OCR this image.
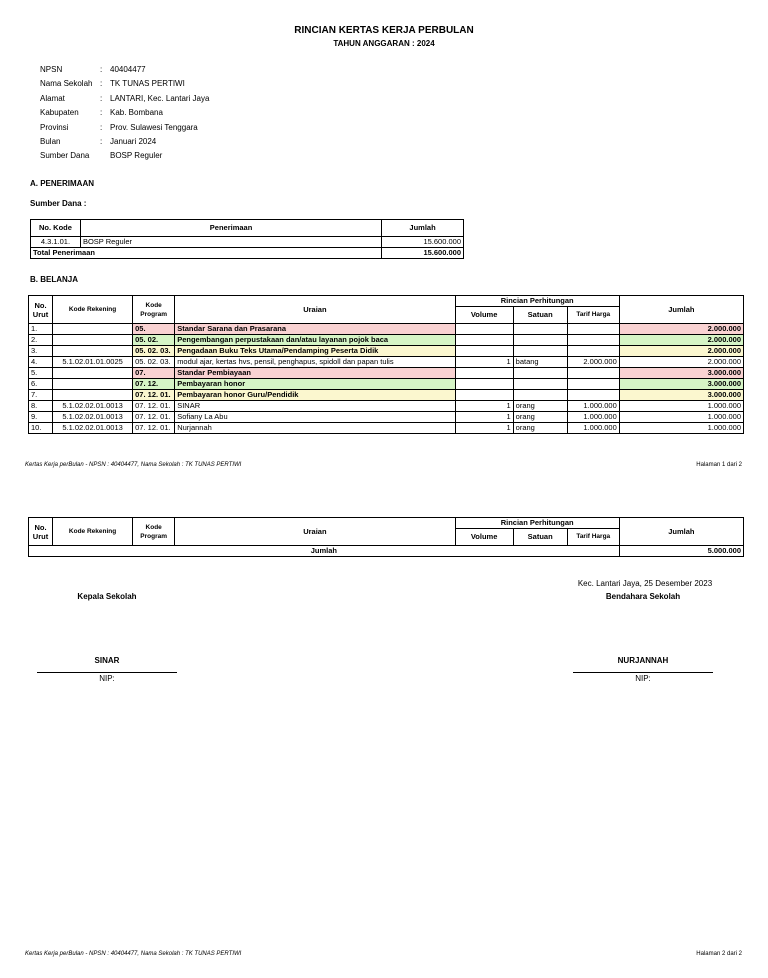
RINCIAN KERTAS KERJA PERBULAN
TAHUN ANGGARAN : 2024
NPSN	: 40404477
Nama Sekolah : TK TUNAS PERTIWI
Alamat	: LANTARI, Kec. Lantari Jaya
Kabupaten	: Kab. Bombana
Provinsi	: Prov. Sulawesi Tenggara
Bulan	: Januari 2024
Sumber Dana	BOSP Reguler
A. PENERIMAAN
Sumber Dana :
No. Kode	Penerimaan	Jumlah
4.3.1.01.	BOSP Reguler	15.600.000
Total Penerimaan		15.600.000
B. BELANJA
No. Urut	Kode Rekening	Kode Program	Uraian	Rincian Perhitungan			Jumlah
				Volume	Satuan	Tarif Harga	
1.		05.	Standar Sarana dan Prasarana				2.000.000
2.		05. 02.	Pengembangan perpustakaan dan/atau layanan pojok baca				2.000.000
3.		05. 02. 03.	Pengadaan Buku Teks Utama/Pendamping Peserta Didik				2.000.000
4.	5.1.02.01.01.0025	05. 02. 03.	modul ajar, kertas hvs, pensil, penghapus, spidoll dan papan tulis	1	batang	2.000.000	2.000.000
5.		07.	Standar Pembiayaan				3.000.000
6.		07. 12.	Pembayaran honor				3.000.000
7.		07. 12. 01.	Pembayaran honor Guru/Pendidik				3.000.000
8.	5.1.02.02.01.0013	07. 12. 01.	SINAR	1	orang	1.000.000	1.000.000
9.	5.1.02.02.01.0013	07. 12. 01.	Sofiany La Abu	1	orang	1.000.000	1.000.000
10.	5.1.02.02.01.0013	07. 12. 01.	Nurjannah	1	orang	1.000.000	1.000.000
Kertas Kerja perBulan - NPSN : 40404477, Nama Sekolah : TK TUNAS PERTIWI	Halaman 1 dari 2
No. Urut	Kode Rekening	Kode Program	Uraian	Rincian Perhitungan			Jumlah
				Volume	Satuan	Tarif Harga	
Jumlah							5.000.000
Kec. Lantari Jaya, 25 Desember 2023
Kepala Sekolah	Bendahara Sekolah
SINAR
NIP:
NURJANNAH
NIP:
Kertas Kerja perBulan - NPSN : 40404477, Nama Sekolah : TK TUNAS PERTIWI	Halaman 2 dari 2
